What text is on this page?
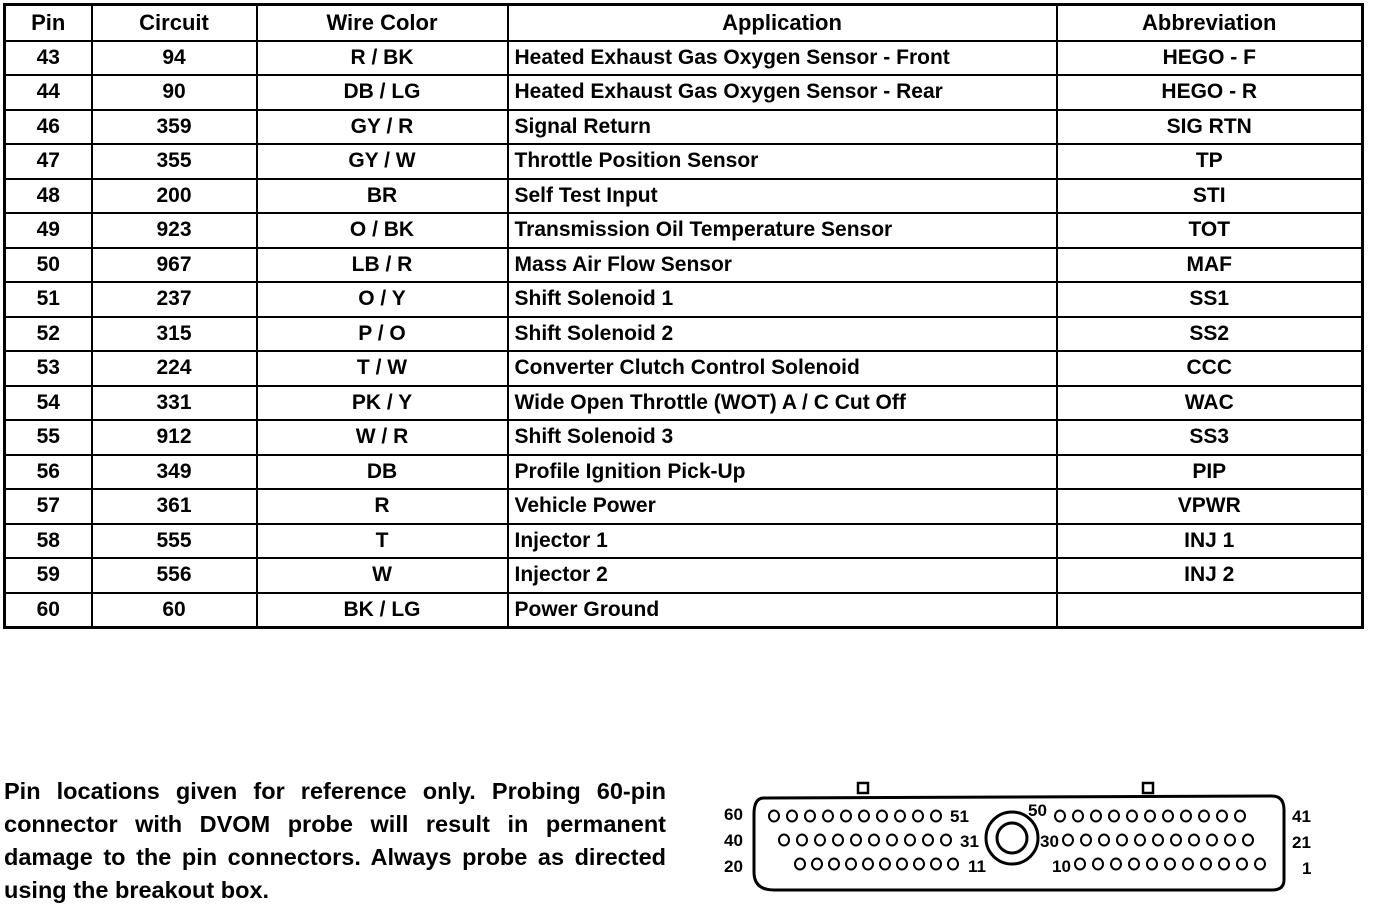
Pin	Circuit	Wire Color	Application	Abbreviation
43	94	R / BK	Heated Exhaust Gas Oxygen Sensor - Front	HEGO - F
44	90	DB / LG	Heated Exhaust Gas Oxygen Sensor - Rear	HEGO - R
46	359	GY / R	Signal Return	SIG RTN
47	355	GY / W	Throttle Position Sensor	TP
48	200	BR	Self Test Input	STI
49	923	O / BK	Transmission Oil Temperature Sensor	TOT
50	967	LB / R	Mass Air Flow Sensor	MAF
51	237	O / Y	Shift Solenoid 1	SS1
52	315	P / O	Shift Solenoid 2	SS2
53	224	T / W	Converter Clutch Control Solenoid	CCC
54	331	PK / Y	Wide Open Throttle (WOT) A / C Cut Off	WAC
55	912	W / R	Shift Solenoid 3	SS3
56	349	DB	Profile Ignition Pick-Up	PIP
57	361	R	Vehicle Power	VPWR
58	555	T	Injector 1	INJ 1
59	556	W	Injector 2	INJ 2
60	60	BK / LG	Power Ground	

Pin locations given for reference only. Probing 60-pin connector with DVOM probe will result in permanent damage to the pin connectors. Always probe as directed using the breakout box.

60
40
20
41
21
1
51
31
11
50
30
10
